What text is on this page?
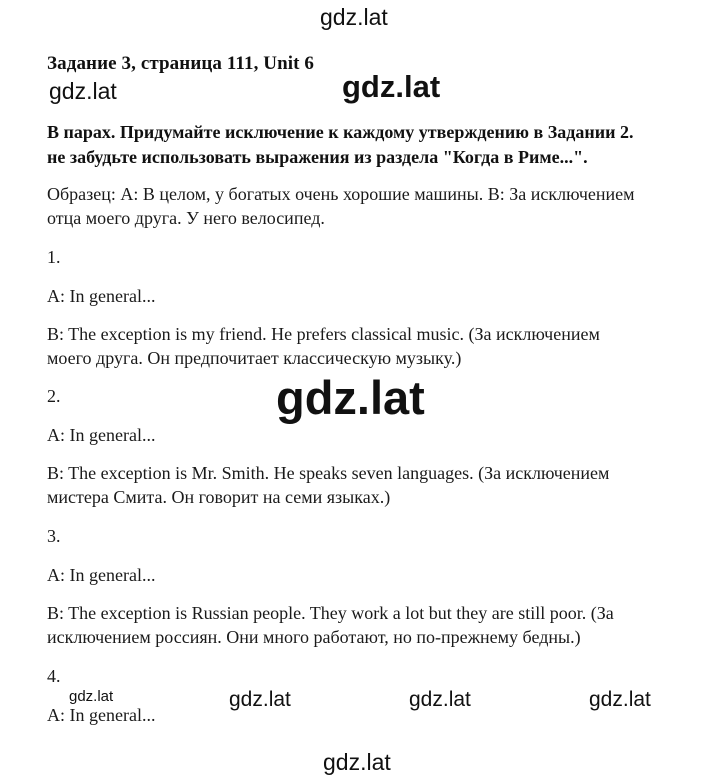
gdz.lat
Задание 3, страница 111, Unit 6
gdz.lat	gdz.lat
В парах. Придумайте исключение к каждому утверждению в Задании 2.
не забудьте использовать выражения из раздела "Когда в Риме...".
Образец: A: В целом, у богатых очень хорошие машины. B: За исключением
отца моего друга. У него велосипед.
1.
A: In general...
B: The exception is my friend. He prefers classical music. (За исключением
моего друга. Он предпочитает классическую музыку.)
2.
A: In general...
B: The exception is Mr. Smith. He speaks seven languages. (За исключением
мистера Смита. Он говорит на семи языках.)
gdz.lat
3.
A: In general...
B: The exception is Russian people. They work a lot but they are still poor. (За
исключением россиян. Они много работают, но по-прежнему бедны.)
4.
A: In general...
gdz.lat	gdz.lat	gdz.lat	gdz.lat
gdz.lat
